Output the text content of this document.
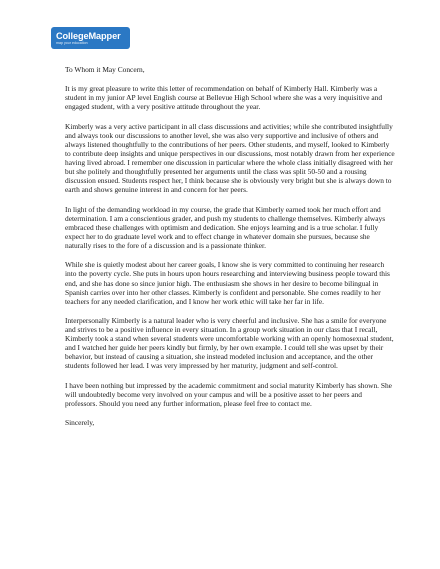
CollegeMapper
map your education

To Whom it May Concern,

It is my great pleasure to write this letter of recommendation on behalf of Kimberly Hall. Kimberly was a student in my junior AP level English course at Bellevue High School where she was a very inquisitive and engaged student, with a very positive attitude throughout the year.

Kimberly was a very active participant in all class discussions and activities; while she contributed insightfully and always took our discussions to another level, she was also very supportive and inclusive of others and always listened thoughtfully to the contributions of her peers. Other students, and myself, looked to Kimberly to contribute deep insights and unique perspectives in our discussions, most notably drawn from her experience having lived abroad. I remember one discussion in particular where the whole class initially disagreed with her but she politely and thoughtfully presented her arguments until the class was split 50-50 and a rousing discussion ensued. Students respect her, I think because she is obviously very bright but she is always down to earth and shows genuine interest in and concern for her peers.

In light of the demanding workload in my course, the grade that Kimberly earned took her much effort and determination. I am a conscientious grader, and push my students to challenge themselves. Kimberly always embraced these challenges with optimism and dedication. She enjoys learning and is a true scholar. I fully expect her to do graduate level work and to effect change in whatever domain she pursues, because she naturally rises to the fore of a discussion and is a passionate thinker.

While she is quietly modest about her career goals, I know she is very committed to continuing her research into the poverty cycle. She puts in hours upon hours researching and interviewing business people toward this end, and she has done so since junior high. The enthusiasm she shows in her desire to become bilingual in Spanish carries over into her other classes. Kimberly is confident and personable. She comes readily to her teachers for any needed clarification, and I know her work ethic will take her far in life.

Interpersonally Kimberly is a natural leader who is very cheerful and inclusive. She has a smile for everyone and strives to be a positive influence in every situation. In a group work situation in our class that I recall, Kimberly took a stand when several students were uncomfortable working with an openly homosexual student, and I watched her guide her peers kindly but firmly, by her own example. I could tell she was upset by their behavior, but instead of causing a situation, she instead modeled inclusion and acceptance, and the other students followed her lead. I was very impressed by her maturity, judgment and self-control.

I have been nothing but impressed by the academic commitment and social maturity Kimberly has shown. She will undoubtedly become very involved on your campus and will be a positive asset to her peers and professors. Should you need any further information, please feel free to contact me.

Sincerely,
